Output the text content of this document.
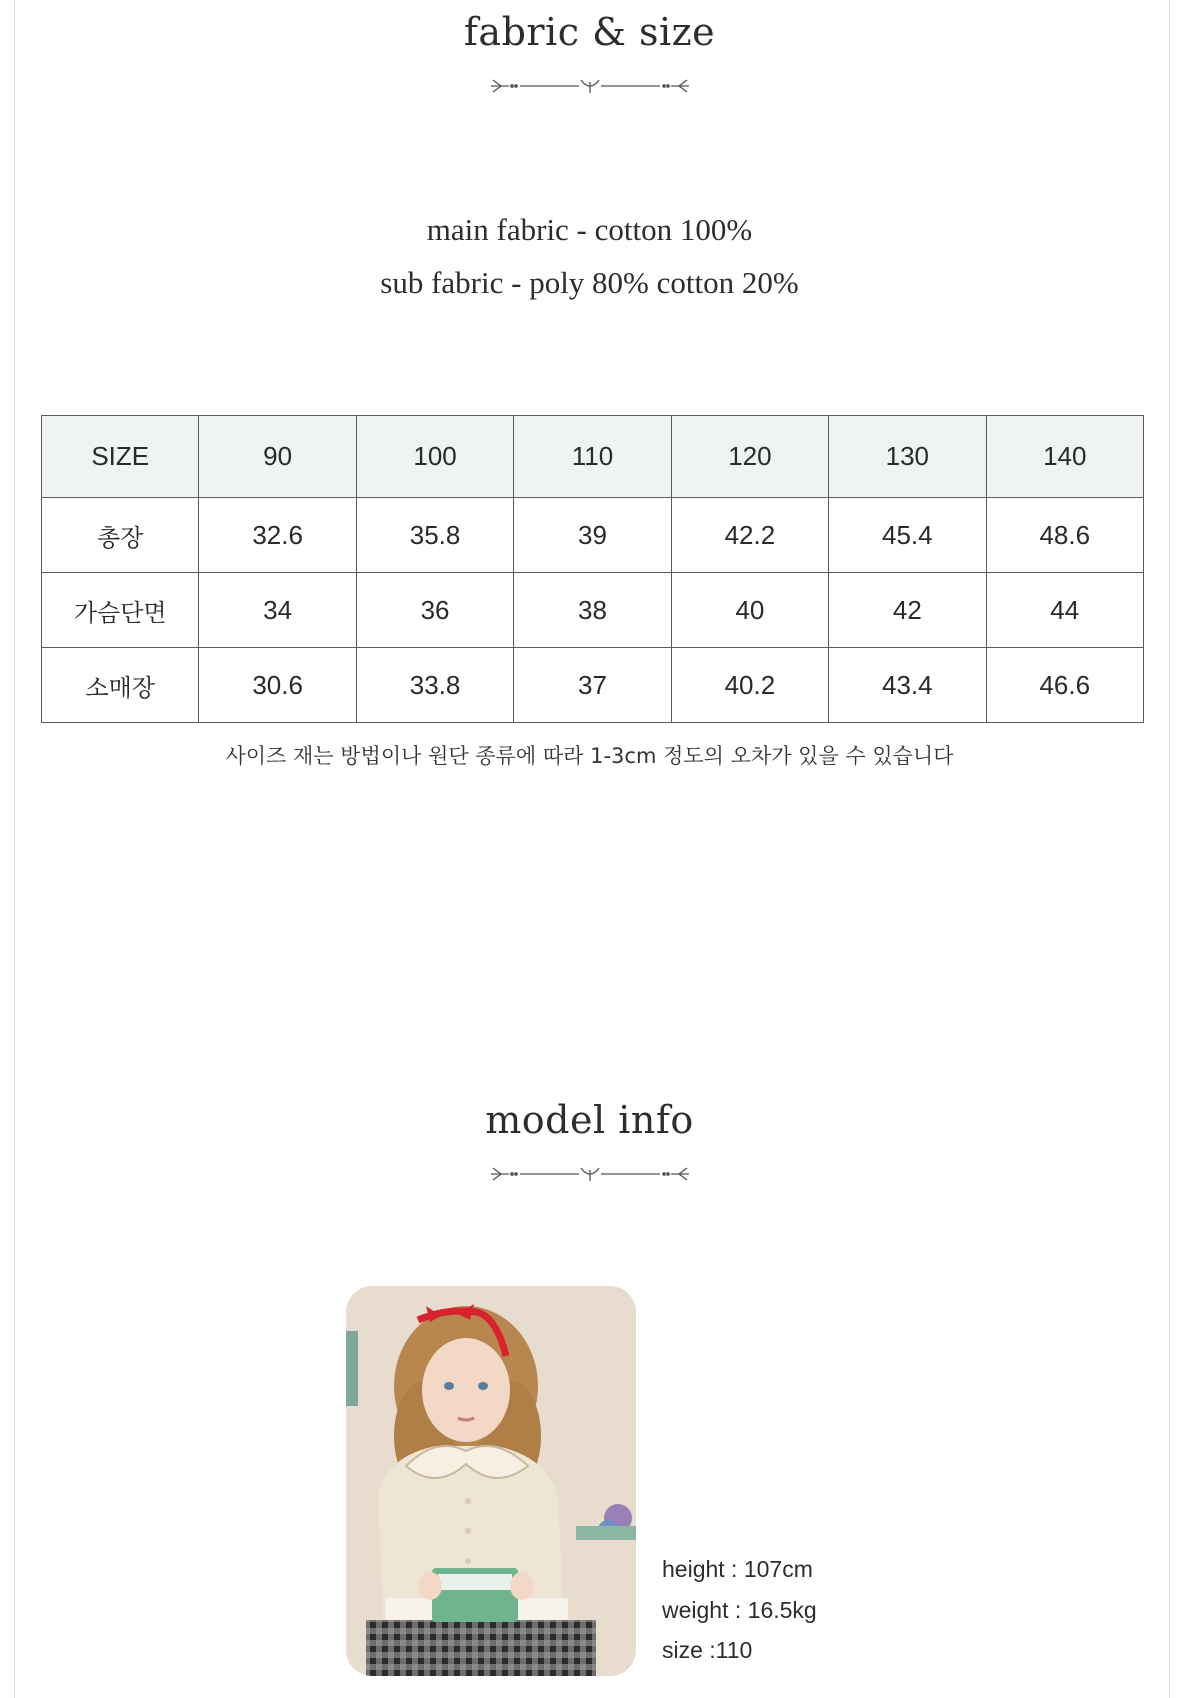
fabric & size
main fabric - cotton 100%
sub fabric - poly 80% cotton 20%
SIZE	90	100	110	120	130	140
총장	32.6	35.8	39	42.2	45.4	48.6
가슴단면	34	36	38	40	42	44
소매장	30.6	33.8	37	40.2	43.4	46.6
사이즈 재는 방법이나 원단 종류에 따라 1-3cm 정도의 오차가 있을 수 있습니다
model info
height : 107cm
weight : 16.5kg
size :110
